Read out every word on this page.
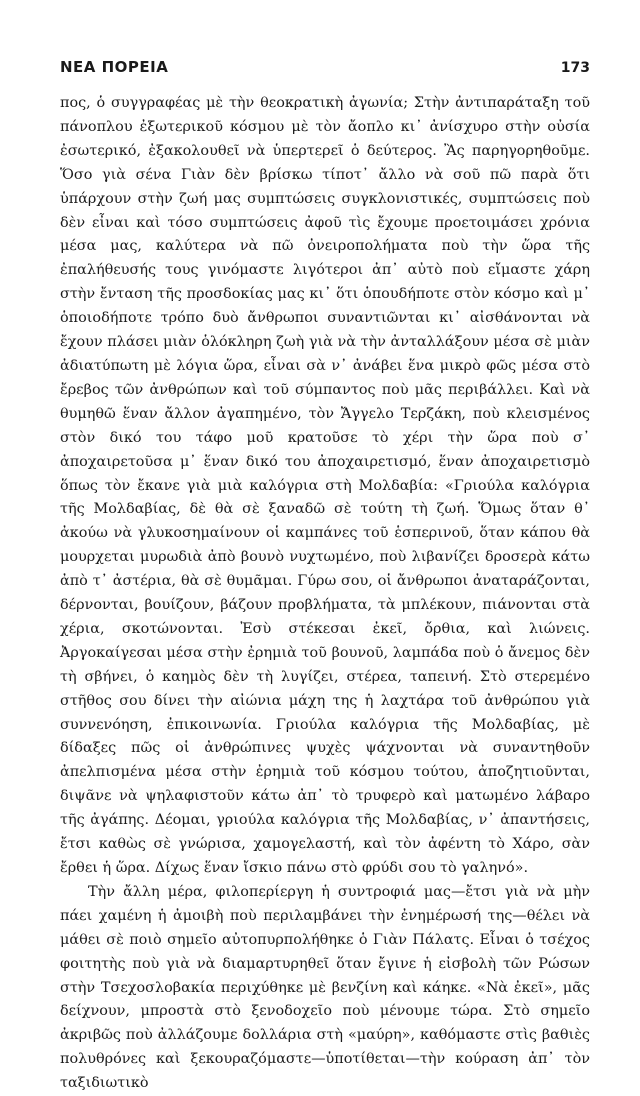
ΝΕΑ ΠΟΡΕΙΑ	173

πος, ὁ συγγραφέας μὲ τὴν θεοκρατικὴ ἀγωνία; Στὴν ἀντιπαράταξη τοῦ πάνοπλου ἐξωτερικοῦ κόσμου μὲ τὸν ἄοπλο κι᾽ ἀνίσχυρο στὴν οὐσία ἐσωτερικό, ἐξακολουθεῖ νὰ ὑπερτερεῖ ὁ δεύτερος. Ἂς παρηγορηθοῦμε. Ὅσο γιὰ σένα Γιὰν δὲν βρίσκω τίποτ᾽ ἄλλο νὰ σοῦ πῶ παρὰ ὅτι ὑπάρχουν στὴν ζωή μας συμπτώσεις συγκλονιστικές, συμπτώσεις ποὺ δὲν εἶναι καὶ τόσο συμπτώσεις ἀφοῦ τὶς ἔχουμε προετοιμάσει χρόνια μέσα μας, καλύτερα νὰ πῶ ὀνειροπολήματα ποὺ τὴν ὥρα τῆς ἐπαλήθευσής τους γινόμαστε λιγότεροι ἀπ᾽ αὐτὸ ποὺ εἴμαστε χάρη στὴν ἔνταση τῆς προσδοκίας μας κι᾽ ὅτι ὁπουδήποτε στὸν κόσμο καὶ μ᾽ ὁποιοδήποτε τρόπο δυὸ ἄνθρωποι συναντιῶνται κι᾽ αἰσθάνονται νὰ ἔχουν πλάσει μιὰν ὁλόκληρη ζωὴ γιὰ νὰ τὴν ἀνταλλάξουν μέσα σὲ μιὰν ἀδιατύπωτη μὲ λόγια ὥρα, εἶναι σὰ ν᾽ ἀνάβει ἕνα μικρὸ φῶς μέσα στὸ ἔρεβος τῶν ἀνθρώπων καὶ τοῦ σύμπαντος ποὺ μᾶς περιβάλλει. Καὶ νὰ θυμηθῶ ἕναν ἄλλον ἀγαπημένο, τὸν Ἄγγελο Τερζάκη, ποὺ κλεισμένος στὸν δικό του τάφο μοῦ κρατοῦσε τὸ χέρι τὴν ὥρα ποὺ σ᾽ ἀποχαιρετοῦσα μ᾽ ἕναν δικό του ἀποχαιρετισμό, ἕναν ἀποχαιρετισμὸ ὅπως τὸν ἔκανε γιὰ μιὰ καλόγρια στὴ Μολδαβία: «Γριούλα καλόγρια τῆς Μολδαβίας, δὲ θὰ σὲ ξαναδῶ σὲ τούτη τὴ ζωή. Ὅμως ὅταν θ᾽ ἀκούω νὰ γλυκοσημαίνουν οἱ καμπάνες τοῦ ἑσπερινοῦ, ὅταν κάπου θὰ μουρχεται μυρωδιὰ ἀπὸ βουνὸ νυχτωμένο, ποὺ λιβανίζει δροσερὰ κάτω ἀπὸ τ᾽ ἀστέρια, θὰ σὲ θυμᾶμαι. Γύρω σου, οἱ ἄνθρωποι ἀναταράζονται, δέρνονται, βουίζουν, βάζουν προβλήματα, τὰ μπλέκουν, πιάνονται στὰ χέρια, σκοτώνονται. Ἐσὺ στέκεσαι ἐκεῖ, ὄρθια, καὶ λιώνεις. Ἀργοκαίγεσαι μέσα στὴν ἐρημιὰ τοῦ βουνοῦ, λαμπάδα ποὺ ὁ ἄνεμος δὲν τὴ σβήνει, ὁ καημὸς δὲν τὴ λυγίζει, στέρεα, ταπεινή. Στὸ στερεμένο στῆθος σου δίνει τὴν αἰώνια μάχη της ἡ λαχτάρα τοῦ ἀνθρώπου γιὰ συννενόηση, ἐπικοινωνία. Γριούλα καλόγρια τῆς Μολδαβίας, μὲ δίδαξες πῶς οἱ ἀνθρώπινες ψυχὲς ψάχνονται νὰ συναντηθοῦν ἀπελπισμένα μέσα στὴν ἐρημιὰ τοῦ κόσμου τούτου, ἀποζητιοῦνται, διψᾶνε νὰ ψηλαφιστοῦν κάτω ἀπ᾽ τὸ τρυφερὸ καὶ ματωμένο λάβαρο τῆς ἀγάπης. Δέομαι, γριούλα καλόγρια τῆς Μολδαβίας, ν᾽ ἀπαντήσεις, ἔτσι καθὼς σὲ γνώρισα, χαμογελαστή, καὶ τὸν ἀφέντη τὸ Χάρο, σὰν ἔρθει ἡ ὥρα. Δίχως ἕναν ἴσκιο πάνω στὸ φρύδι σου τὸ γαληνό».

Τὴν ἄλλη μέρα, φιλοπερίεργη ἡ συντροφιά μας—ἔτσι γιὰ νὰ μὴν πάει χαμένη ἡ ἀμοιβὴ ποὺ περιλαμβάνει τὴν ἐνημέρωσή της—θέλει νὰ μάθει σὲ ποιὸ σημεῖο αὐτοπυρπολήθηκε ὁ Γιὰν Πάλατς. Εἶναι ὁ τσέχος φοιτητὴς ποὺ γιὰ νὰ διαμαρτυρηθεῖ ὅταν ἔγινε ἡ εἰσβολὴ τῶν Ρώσων στὴν Τσεχοσλοβακία περιχύθηκε μὲ βενζίνη καὶ κάηκε. «Νὰ ἐκεῖ», μᾶς δείχνουν, μπροστὰ στὸ ξενοδοχεῖο ποὺ μένουμε τώρα. Στὸ σημεῖο ἀκριβῶς ποὺ ἀλλάζουμε δολλάρια στὴ «μαύρη», καθόμαστε στὶς βαθιὲς πολυθρόνες καὶ ξεκουραζόμαστε—ὑποτίθεται—τὴν κούραση ἀπ᾽ τὸν ταξιδιωτικὸ
